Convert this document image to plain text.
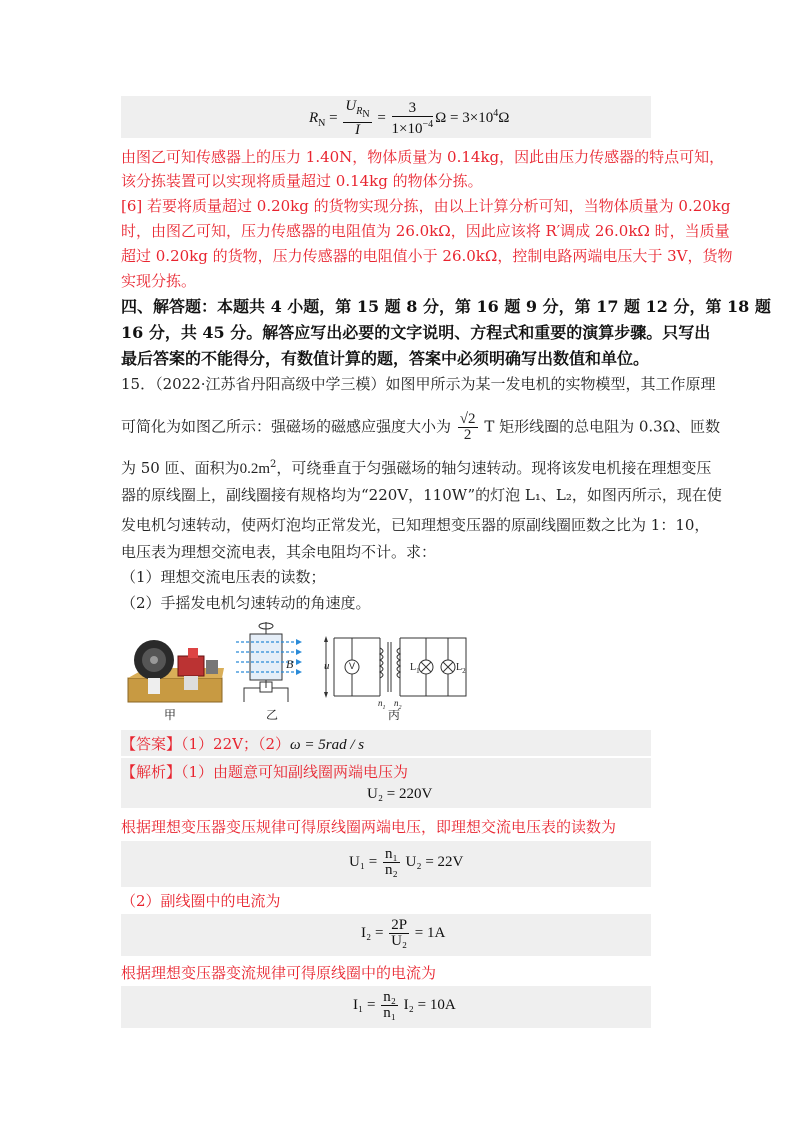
$R_N = \frac{U_{R_N}}{I} = \frac{3}{1\times 10^{-4}}$ $\Omega = 3\times 10^4\Omega$
由图乙可知传感器上的压力 1.40N，物体质量为 0.14kg，因此由压力传感器的特点可知，
该分拣装置可以实现将质量超过 0.14kg 的物体分拣。
[6] 若要将质量超过 0.20kg 的货物实现分拣，由以上计算分析可知，当物体质量为 0.20kg
时，由图乙可知，压力传感器的电阻值为 26.0kΩ，因此应该将 R′调成 26.0kΩ 时，当质量
超过 0.20kg 的货物，压力传感器的电阻值小于 26.0kΩ，控制电路两端电压大于 3V，货物
实现分拣。
四、解答题：本题共 4 小题，第 15 题 8 分，第 16 题 9 分，第 17 题 12 分，第 18 题
16 分，共 45 分。解答应写出必要的文字说明、方程式和重要的演算步骤。只写出
最后答案的不能得分，有数值计算的题，答案中必须明确写出数值和单位。
15．（2022·江苏省丹阳高级中学三模）如图甲所示为某一发电机的实物模型，其工作原理
可简化为如图乙所示：强磁场的磁感应强度大小为 $\frac{√2}{2}$ T 矩形线圈的总电阻为 0.3Ω、匝数
为 50 匝、面积为$0.2m^2$，可绕垂直于匀强磁场的轴匀速转动。现将该发电机接在理想变压
器的原线圈上，副线圈接有规格均为“220V，110W”的灯泡 L₁、L₂，如图丙所示，现在使
发电机匀速转动，使两灯泡均正常发光，已知理想变压器的原副线圈匝数之比为 1：10，
电压表为理想交流电表，其余电阻均不计。求：
（1）理想交流电压表的读数；
（2）手摇发电机匀速转动的角速度。
甲
B
乙
u V	$L_1$	$L_2$
$n_1$ $n_2$
丙
【答案】（1）22V；（2）ω = 5rad / s
【解析】（1）由题意可知副线圈两端电压为
U₂ = 220V
根据理想变压器变压规律可得原线圈两端电压，即理想交流电压表的读数为
$U_1 = \frac{\text{n₁}}{\text{n₂}} U_2 = 22V$
（2）副线圈中的电流为
$I_2 = \frac{2P}{\text{U₂}} = 1A$
根据理想变压器变流规律可得原线圈中的电流为
$I_1 = \frac{\text{n₂}}{\text{n₁}} I_2 = 10A$
